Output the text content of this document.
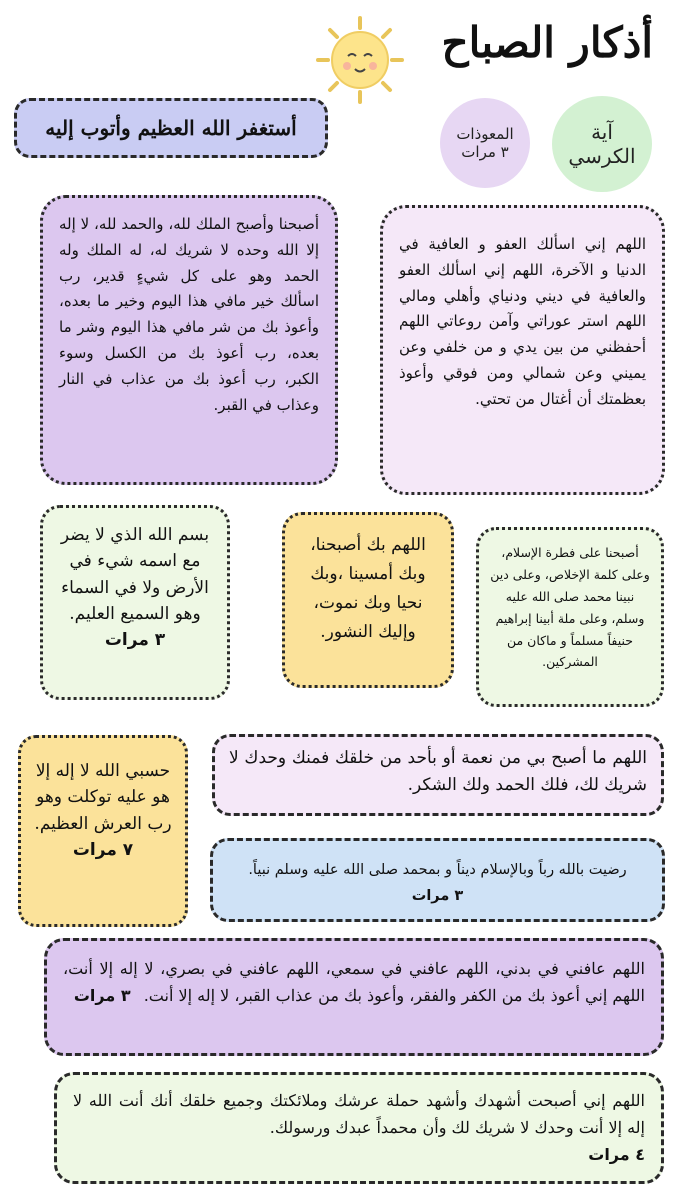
أذكار الصباح
أستغفر الله العظيم وأتوب إليه	المعوذات
٣ مرات
آية
الكرسي
أصبحنا وأصبح الملك لله، والحمد لله، لا إله إلا الله وحده لا شريك له، له الملك وله الحمد وهو على كل شيءٍ قدير، رب اسألك خير مافي هذا اليوم وخير ما بعده، وأعوذ بك من شر مافي هذا اليوم وشر ما بعده، رب أعوذ بك من الكسل وسوء الكبر، رب أعوذ بك من عذاب في النار وعذاب في القبر.
اللهم إني اسألك العفو و العافية في الدنيا و الآخرة، اللهم إني اسألك العفو والعافية في ديني ودنياي وأهلي ومالي اللهم استر عوراتي وآمن روعاتي اللهم أحفظني من بين يدي و من خلفي وعن يميني وعن شمالي ومن فوقي وأعوذ بعظمتك أن أغتال من تحتي.
بسم الله الذي لا يضر مع اسمه شيء في الأرض ولا في السماء وهو السميع العليم.
٣ مرات
اللهم بك أصبحنا، وبك أمسينا ،وبك نحيا وبك نموت، وإليك النشور.
أصبحنا على فطرة الإسلام، وعلى كلمة الإخلاص، وعلى دين نبينا محمد صلى الله عليه وسلم، وعلى ملة أبينا إبراهيم حنيفاً مسلماً و ماكان من المشركين.
حسبي الله لا إله إلا هو عليه توكلت وهو رب العرش العظيم.
٧ مرات
اللهم ما أصبح بي من نعمة أو بأحد من خلقك فمنك وحدك لا شريك لك، فلك الحمد ولك الشكر.
رضيت بالله رباً وبالإسلام ديناً و بمحمد صلى الله عليه وسلم نبياً.
٣ مرات
اللهم عافني في بدني، اللهم عافني في سمعي، اللهم عافني في بصري، لا إله إلا أنت، اللهم إني أعوذ بك من الكفر والفقر، وأعوذ بك من عذاب القبر، لا إله إلا أنت. ٣ مرات
اللهم إني أصبحت أشهدك وأشهد حملة عرشك وملائكتك وجميع خلقك أنك أنت الله لا إله إلا أنت وحدك لا شريك لك وأن محمداً عبدك ورسولك.
٤ مرات
